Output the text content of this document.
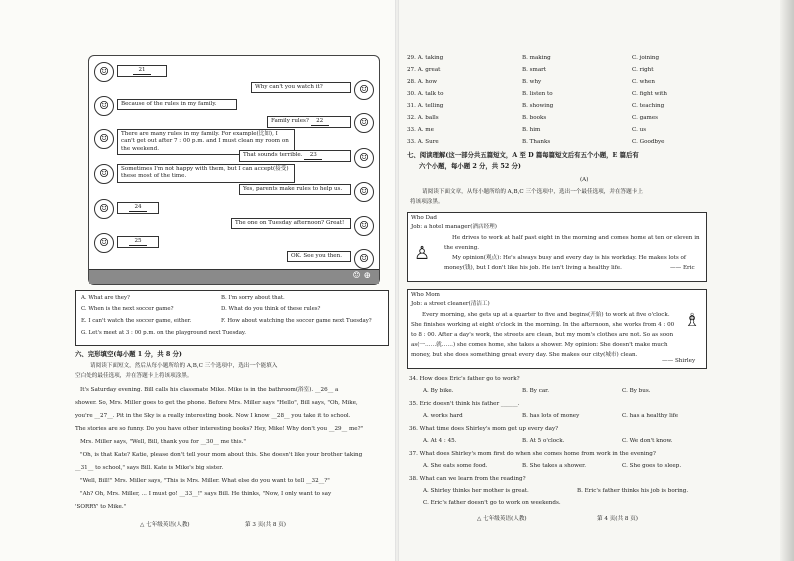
☺	21
☺
Why can't you watch it?
☺	Because of the rules in my family.
☺
Family rules? 22
☺	There are many rules in my family. For example(比如), I can't get out after 7 : 00 p.m. and I must clean my room on the weekend.
☺
That sounds terrible. 23
☺	Sometimes I'm not happy with them, but I can accept(接受) these most of the time.
☺
Yes, parents make rules to help us.
☺	24
☺
The one on Tuesday afternoon? Great!
☺	25
☺
OK. See you then.
☺ ⊕
A. What are they?	B. I'm sorry about that.
C. When is the next soccer game?	D. What do you think of these rules?
E. I can't watch the soccer game, either.	F. How about watching the soccer game next Tuesday?
G. Let's meet at 3 : 00 p.m. on the playground next Tuesday.
六、完形填空(每小题 1 分，共 8 分)
请阅读下面短文，然后从每小题所给的 A,B,C 三个选项中，选出一个能填入
空白处的最佳选项，并在答题卡上将该项涂黑。
It's Saturday evening. Bill calls his classmate Mike. Mike is in the bathroom(浴室). __26__ a
shower. So, Mrs. Miller goes to get the phone. Before Mrs. Miller says "Hello", Bill says, "Oh, Mike,
you're __27__. Pit in the Sky is a really interesting book. Now I know __28__ you take it to school.
The stories are so funny. Do you have other interesting books? Hey, Mike! Why don't you __29__ me?"
Mrs. Miller says, "Well, Bill, thank you for __30__ me this."
"Oh, is that Kate? Katie, please don't tell your mom about this. She doesn't like your brother taking
__31__ to school," says Bill. Kate is Mike's big sister.
"Well, Bill!" Mrs. Miller says, "This is Mrs. Miller. What else do you want to tell __32__?"
"Ah? Oh, Mrs. Miller, ... I must go! __33__!" says Bill. He thinks, "Now, I only want to say
'SORRY' to Mike."
△ 七年级英语(人教)	第 3 页(共 8 页)
29. A. taking	B. making	C. joining
27. A. great	B. smart	C. right
28. A. how	B. why	C. when
30. A. talk to	B. listen to	C. fight with
31. A. telling	B. showing	C. teaching
32. A. balls	B. books	C. games
33. A. me	B. him	C. us
33. A. Sure	B. Thanks	C. Goodbye
七、阅读理解(这一部分共五篇短文，A 至 D 篇每篇短文后有五个小题，E 篇后有
六个小题，每小题 2 分，共 52 分)
(A)
请阅读下面文章，从每小题所给的 A,B,C 三个选项中，选出一个最佳选项，并在答题卡上
将该项涂黑。
Who Dad
Job: a hotel manager(酒店经理)
♙
He drives to work at half past eight in the morning and comes home at ten or eleven in
the evening.
My opinion(观点): He's always busy and every day is his workday. He makes lots of
money(钱), but I don't like his job. He isn't living a healthy life.	—— Eric
Who Mom
Job: a street cleaner(清洁工)
Every morning, she gets up at a quarter to five and begins(开始) to work at five o'clock.
She finishes working at eight o'clock in the morning. In the afternoon, she works from 4 : 00
to 8 : 00. After a day's work, the streets are clean, but my mom's clothes are not. So as soon
as(一……就……) she comes home, she takes a shower. My opinion: She doesn't make much
money, but she does something great every day. She makes our city(城市) clean.
♗
—— Shirley
34. How does Eric's father go to work?
A. By bike.	B. By car.	C. By bus.
35. Eric doesn't think his father ______.
A. works hard	B. has lots of money	C. has a healthy life
36. What time does Shirley's mom get up every day?
A. At 4 : 45.	B. At 5 o'clock.	C. We don't know.
37. What does Shirley's mom first do when she comes home from work in the evening?
A. She eats some food.	B. She takes a shower.	C. She goes to sleep.
38. What can we learn from the reading?
A. Shirley thinks her mother is great.	B. Eric's father thinks his job is boring.
C. Eric's father doesn't go to work on weekends.
△ 七年级英语(人教)	第 4 页(共 8 页)
